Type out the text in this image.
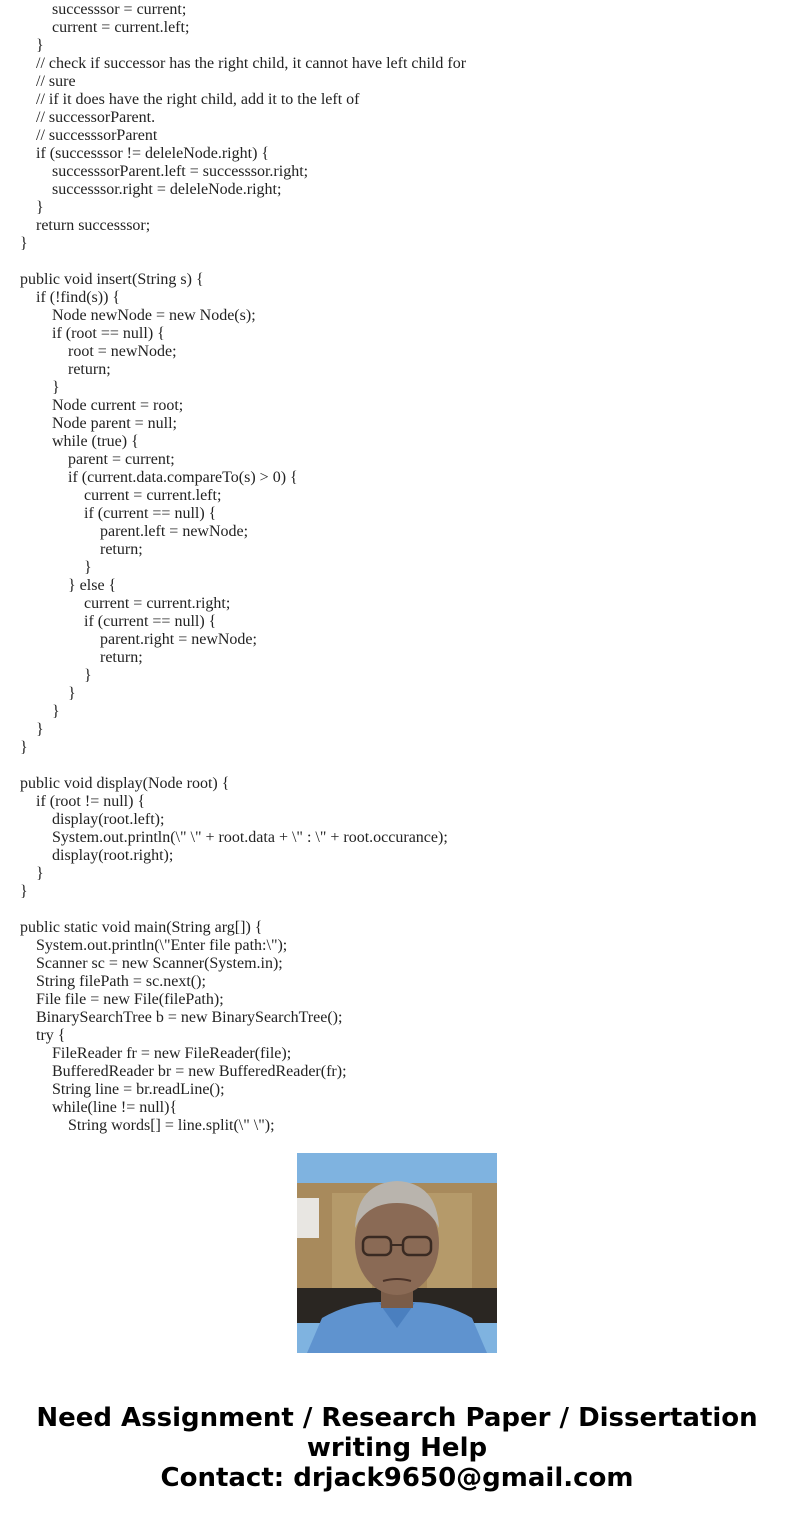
successsor = current;
current = current.left;
}
// check if successor has the right child, it cannot have left child for
// sure
// if it does have the right child, add it to the left of
// successorParent.
// successsorParent
if (successsor != deleleNode.right) {
successsorParent.left = successsor.right;
successsor.right = deleleNode.right;
}
return successsor;
}
public void insert(String s) {
if (!find(s)) {
Node newNode = new Node(s);
if (root == null) {
root = newNode;
return;
}
Node current = root;
Node parent = null;
while (true) {
parent = current;
if (current.data.compareTo(s) > 0) {
current = current.left;
if (current == null) {
parent.left = newNode;
return;
}
} else {
current = current.right;
if (current == null) {
parent.right = newNode;
return;
}
}
}
}
}
public void display(Node root) {
if (root != null) {
display(root.left);
System.out.println(\" \" + root.data + \" : \" + root.occurance);
display(root.right);
}
}
public static void main(String arg[]) {
System.out.println(\"Enter file path:\");
Scanner sc = new Scanner(System.in);
String filePath = sc.next();
File file = new File(filePath);
BinarySearchTree b = new BinarySearchTree();
try {
FileReader fr = new FileReader(file);
BufferedReader br = new BufferedReader(fr);
String line = br.readLine();
while(line != null){
String words[] = line.split(\" \");
Need Assignment / Research Paper / Dissertation
writing Help
Contact: drjack9650@gmail.com
